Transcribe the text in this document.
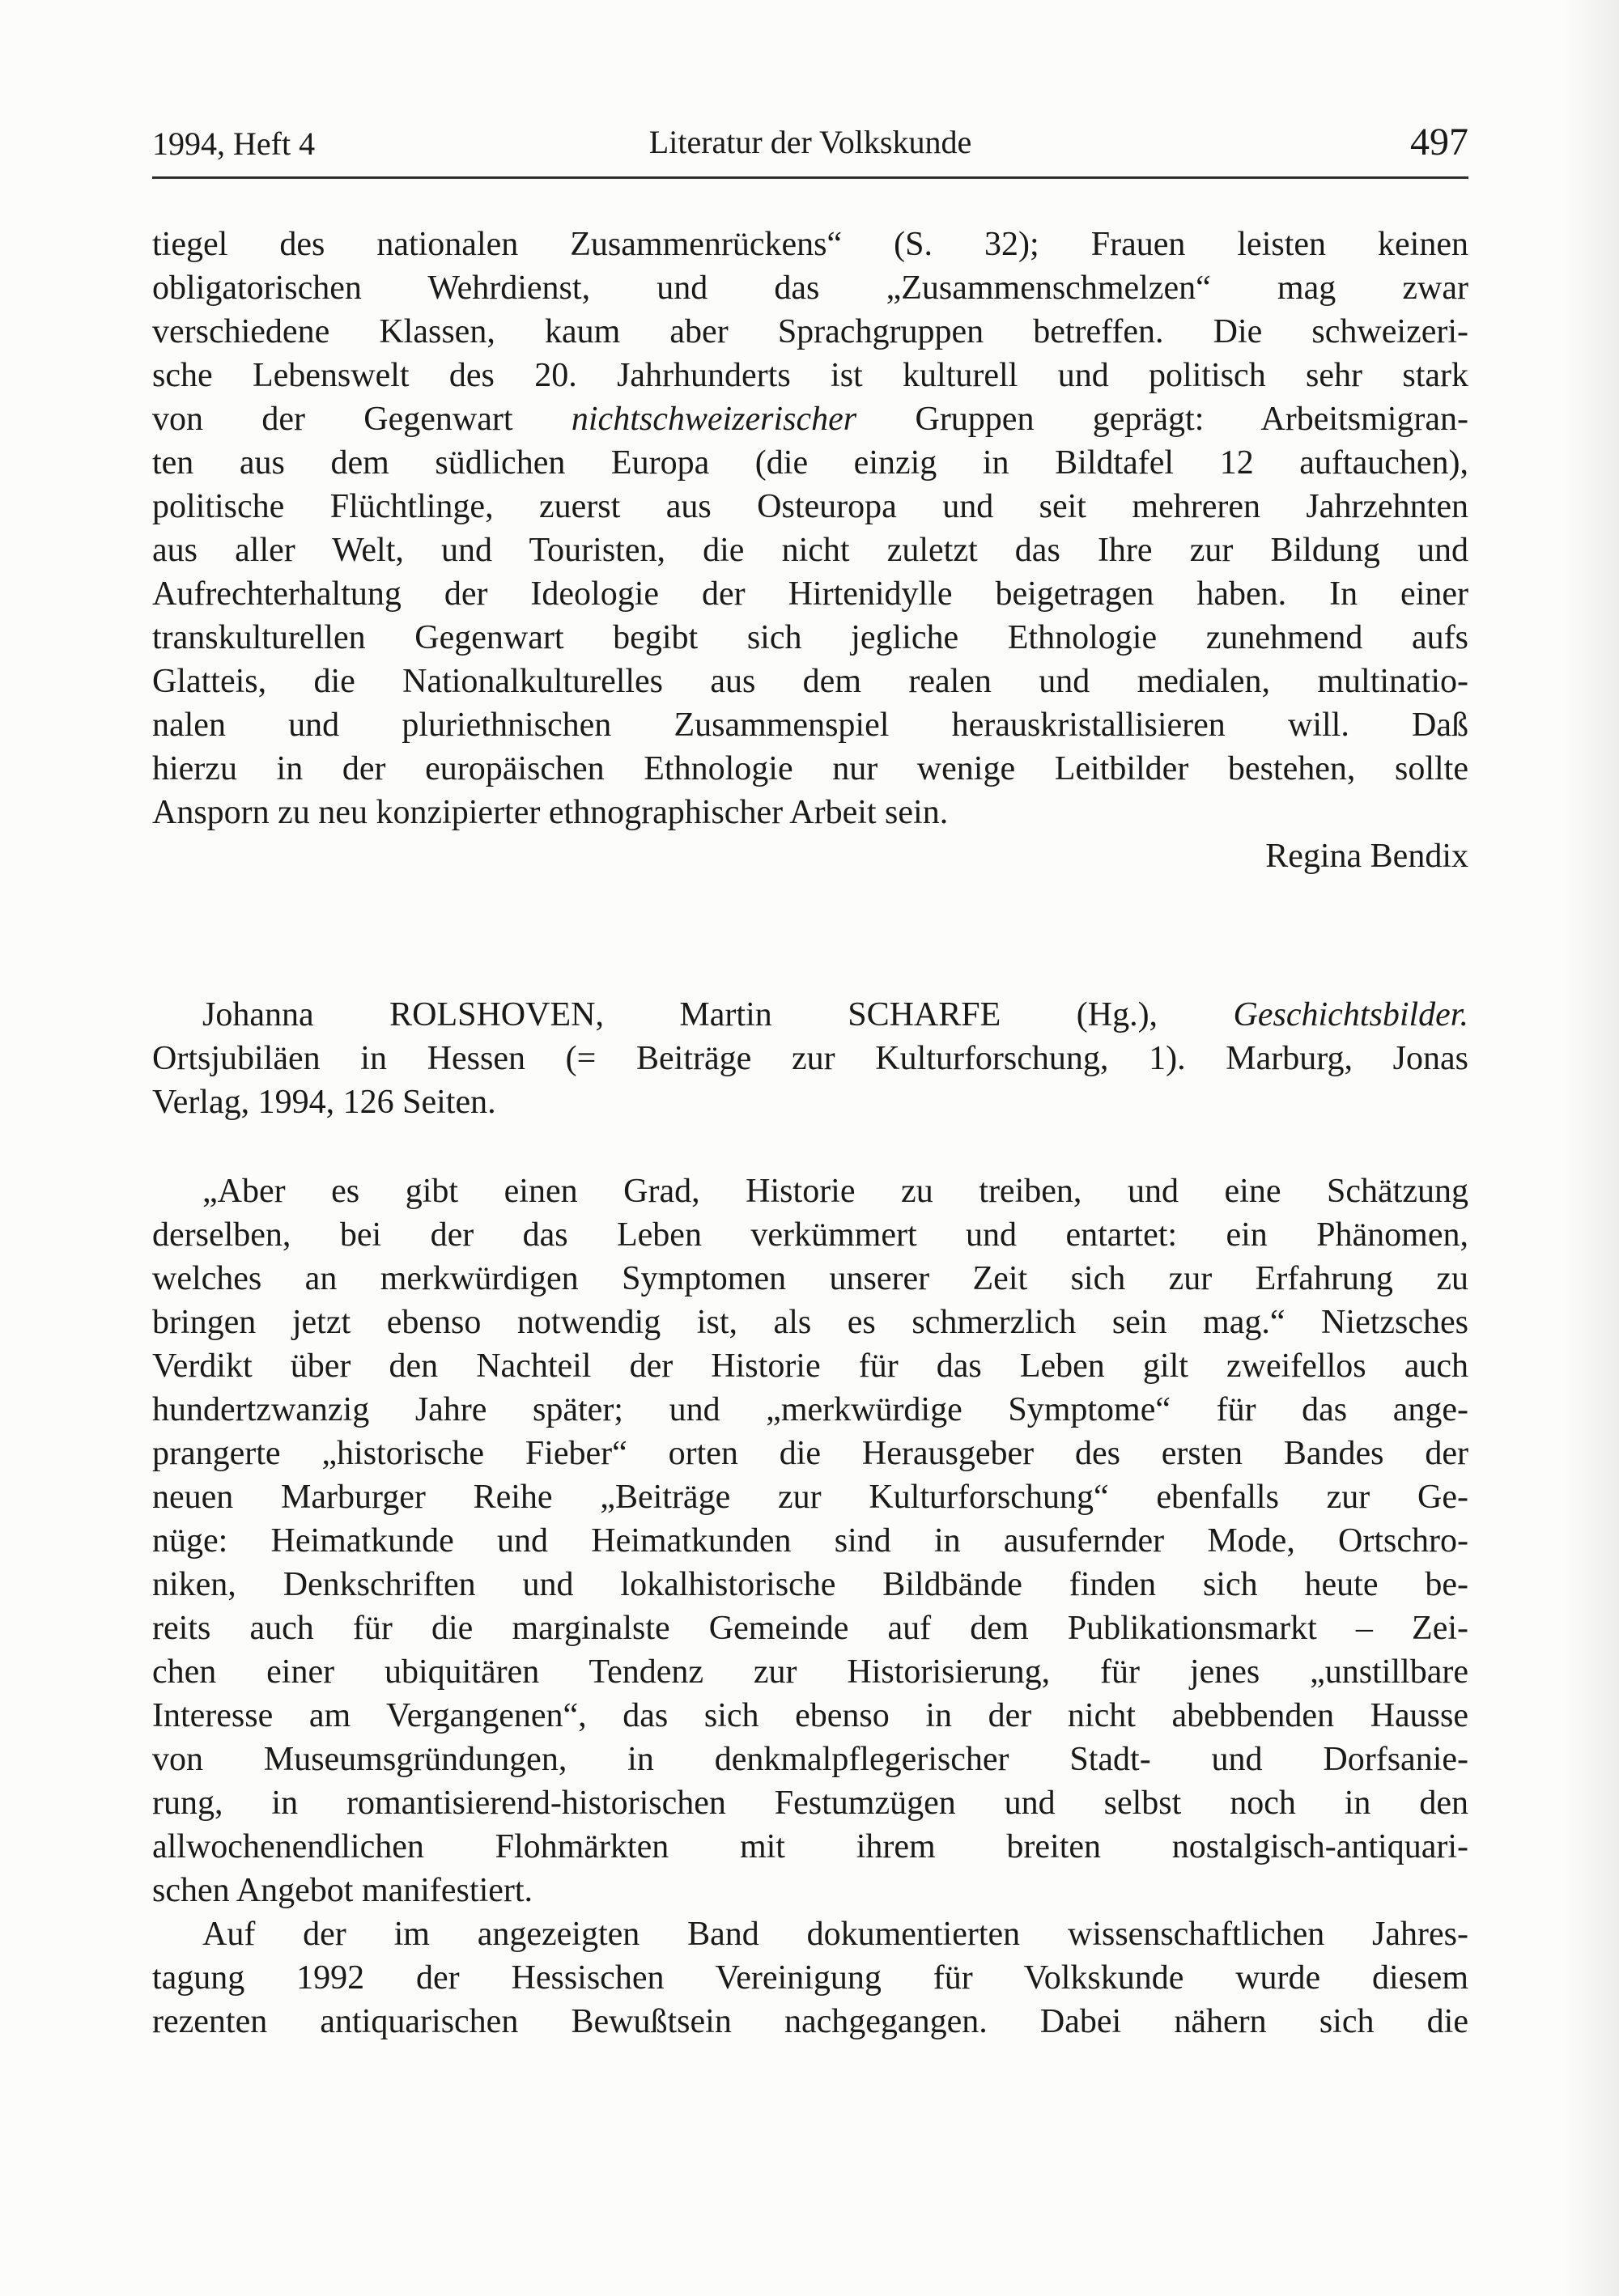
1994, Heft 4	Literatur der Volkskunde	497
tiegel des nationalen Zusammenrückens“ (S. 32); Frauen leisten keinen
obligatorischen Wehrdienst, und das „Zusammenschmelzen“ mag zwar
verschiedene Klassen, kaum aber Sprachgruppen betreffen. Die schweizeri-
sche Lebenswelt des 20. Jahrhunderts ist kulturell und politisch sehr stark
von der Gegenwart nichtschweizerischer Gruppen geprägt: Arbeitsmigran-
ten aus dem südlichen Europa (die einzig in Bildtafel 12 auftauchen),
politische Flüchtlinge, zuerst aus Osteuropa und seit mehreren Jahrzehnten
aus aller Welt, und Touristen, die nicht zuletzt das Ihre zur Bildung und
Aufrechterhaltung der Ideologie der Hirtenidylle beigetragen haben. In einer
transkulturellen Gegenwart begibt sich jegliche Ethnologie zunehmend aufs
Glatteis, die Nationalkulturelles aus dem realen und medialen, multinatio-
nalen und pluriethnischen Zusammenspiel herauskristallisieren will. Daß
hierzu in der europäischen Ethnologie nur wenige Leitbilder bestehen, sollte
Ansporn zu neu konzipierter ethnographischer Arbeit sein.
Regina Bendix
Johanna ROLSHOVEN, Martin SCHARFE (Hg.), Geschichtsbilder.
Ortsjubiläen in Hessen (= Beiträge zur Kulturforschung, 1). Marburg, Jonas
Verlag, 1994, 126 Seiten.
„Aber es gibt einen Grad, Historie zu treiben, und eine Schätzung
derselben, bei der das Leben verkümmert und entartet: ein Phänomen,
welches an merkwürdigen Symptomen unserer Zeit sich zur Erfahrung zu
bringen jetzt ebenso notwendig ist, als es schmerzlich sein mag.“ Nietzsches
Verdikt über den Nachteil der Historie für das Leben gilt zweifellos auch
hundertzwanzig Jahre später; und „merkwürdige Symptome“ für das ange-
prangerte „historische Fieber“ orten die Herausgeber des ersten Bandes der
neuen Marburger Reihe „Beiträge zur Kulturforschung“ ebenfalls zur Ge-
nüge: Heimatkunde und Heimatkunden sind in ausufernder Mode, Ortschro-
niken, Denkschriften und lokalhistorische Bildbände finden sich heute be-
reits auch für die marginalste Gemeinde auf dem Publikationsmarkt – Zei-
chen einer ubiquitären Tendenz zur Historisierung, für jenes „unstillbare
Interesse am Vergangenen“, das sich ebenso in der nicht abebbenden Hausse
von Museumsgründungen, in denkmalpflegerischer Stadt- und Dorfsanie-
rung, in romantisierend-historischen Festumzügen und selbst noch in den
allwochenendlichen Flohmärkten mit ihrem breiten nostalgisch-antiquari-
schen Angebot manifestiert.
Auf der im angezeigten Band dokumentierten wissenschaftlichen Jahres-
tagung 1992 der Hessischen Vereinigung für Volkskunde wurde diesem
rezenten antiquarischen Bewußtsein nachgegangen. Dabei nähern sich die
